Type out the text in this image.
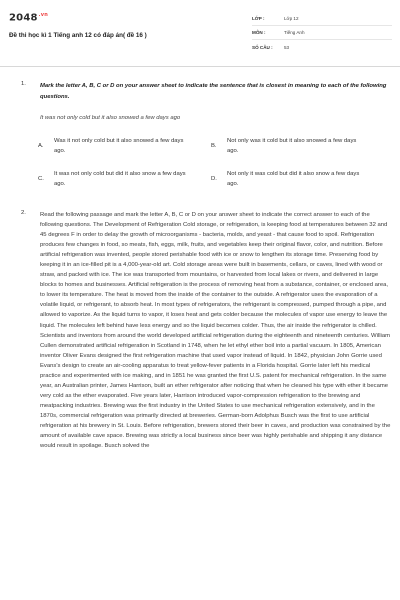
$2048^{.vn}$
Đề thi học kì 1 Tiếng anh 12 có đáp án( đề 16 )
LỚP :	Lớp 12
MÔN :	Tiếng Anh
SỐ CÂU :	53
1.	Mark the letter A, B, C or D on your answer sheet to indicate the sentence that is closest in meaning to each of the following questions.
It was not only cold but it also snowed a few days ago
A.
Was it not only cold but it also snowed a few days ago.
B.
Not only was it cold but it also snowed a few days ago.
C.
It was not only cold but did it also snow a few days ago.
D.
Not only it was cold but did it also snow a few days ago.
2.	Read the following passage and mark the letter A, B, C or D on your answer sheet to indicate the correct answer to each of the following questions. The Development of Refrigeration Cold storage, or refrigeration, is keeping food at temperatures between 32 and 45 degrees F in order to delay the growth of microorganisms - bacteria, molds, and yeast - that cause food to spoil. Refrigeration produces few changes in food, so meats, fish, eggs, milk, fruits, and vegetables keep their original flavor, color, and nutrition. Before artificial refrigeration was invented, people stored perishable food with ice or snow to lengthen its storage time. Preserving food by keeping it in an ice-filled pit is a 4,000-year-old art. Cold storage areas were built in basements, cellars, or caves, lined with wood or straw, and packed with ice. The ice was transported from mountains, or harvested from local lakes or rivers, and delivered in large blocks to homes and businesses. Artificial refrigeration is the process of removing heat from a substance, container, or enclosed area, to lower its temperature. The heat is moved from the inside of the container to the outside. A refrigerator uses the evaporation of a volatile liquid, or refrigerant, to absorb heat. In most types of refrigerators, the refrigerant is compressed, pumped through a pipe, and allowed to vaporize. As the liquid turns to vapor, it loses heat and gets colder because the molecules of vapor use energy to leave the liquid. The molecules left behind have less energy and so the liquid becomes colder. Thus, the air inside the refrigerator is chilled. Scientists and inventors from around the world developed artificial refrigeration during the eighteenth and nineteenth centuries. William Cullen demonstrated artificial refrigeration in Scotland in 1748, when he let ethyl ether boil into a partial vacuum. In 1805, American inventor Oliver Evans designed the first refrigeration machine that used vapor instead of liquid. In 1842, physician John Gorrie used Evans's design to create an air-cooling apparatus to treat yellow-fever patients in a Florida hospital. Gorrie later left his medical practice and experimented with ice making, and in 1851 he was granted the first U.S. patent for mechanical refrigeration. In the same year, an Australian printer, James Harrison, built an ether refrigerator after noticing that when he cleaned his type with ether it became very cold as the ether evaporated. Five years later, Harrison introduced vapor-compression refrigeration to the brewing and meatpacking industries. Brewing was the first industry in the United States to use mechanical refrigeration extensively, and in the 1870s, commercial refrigeration was primarily directed at breweries. German-born Adolphus Busch was the first to use artificial refrigeration at his brewery in St. Louis. Before refrigeration, brewers stored their beer in caves, and production was constrained by the amount of available cave space. Brewing was strictly a local business since beer was highly perishable and shipping it any distance would result in spoilage. Busch solved the
